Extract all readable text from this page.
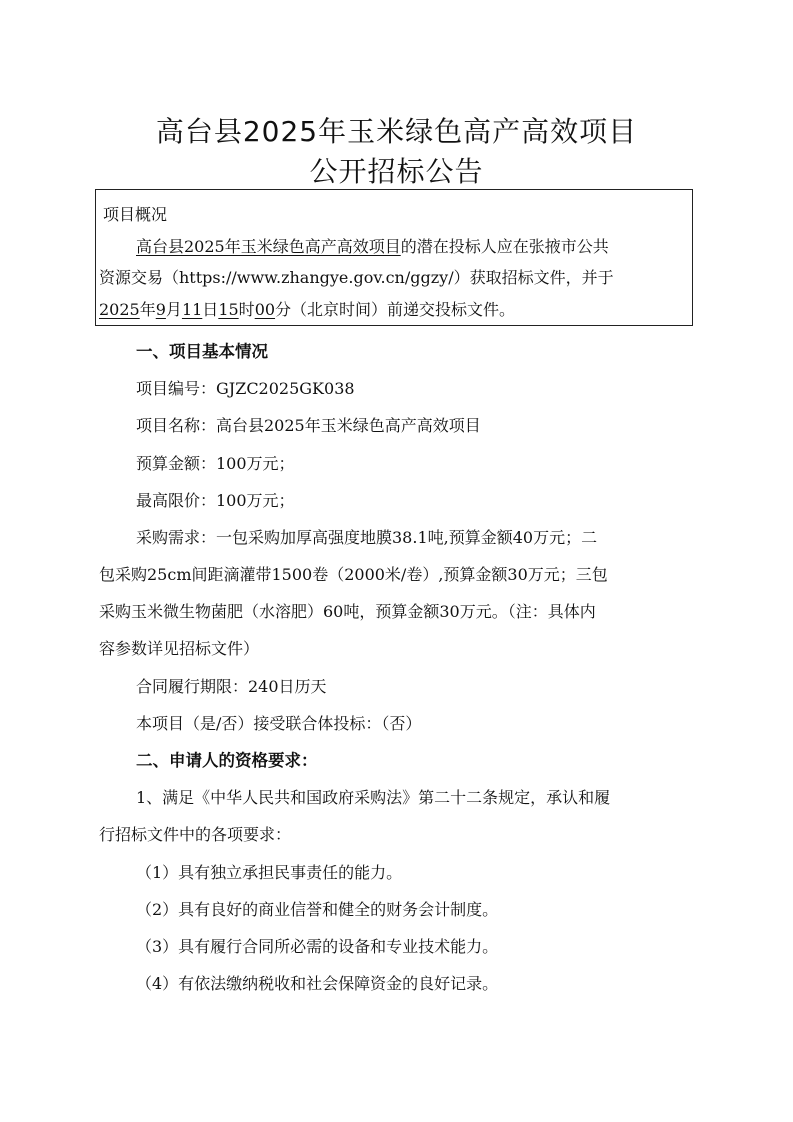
高台县2025年玉米绿色高产高效项目
公开招标公告
项目概况
高台县2025年玉米绿色高产高效项目的潜在投标人应在张掖市公共
资源交易（https://www.zhangye.gov.cn/ggzy/）获取招标文件，并于
2025年9月11日15时00分（北京时间）前递交投标文件。
一、项目基本情况
项目编号：GJZC2025GK038
项目名称：高台县2025年玉米绿色高产高效项目
预算金额：100万元；
最高限价：100万元；
采购需求：一包采购加厚高强度地膜38.1吨,预算金额40万元；二
包采购25cm间距滴灌带1500卷（2000米/卷）,预算金额30万元；三包
采购玉米微生物菌肥（水溶肥）60吨，预算金额30万元。（注：具体内
容参数详见招标文件）
合同履行期限：240日历天
本项目（是/否）接受联合体投标：（否）
二、申请人的资格要求：
1、满足《中华人民共和国政府采购法》第二十二条规定，承认和履
行招标文件中的各项要求：
（1）具有独立承担民事责任的能力。
（2）具有良好的商业信誉和健全的财务会计制度。
（3）具有履行合同所必需的设备和专业技术能力。
（4）有依法缴纳税收和社会保障资金的良好记录。
